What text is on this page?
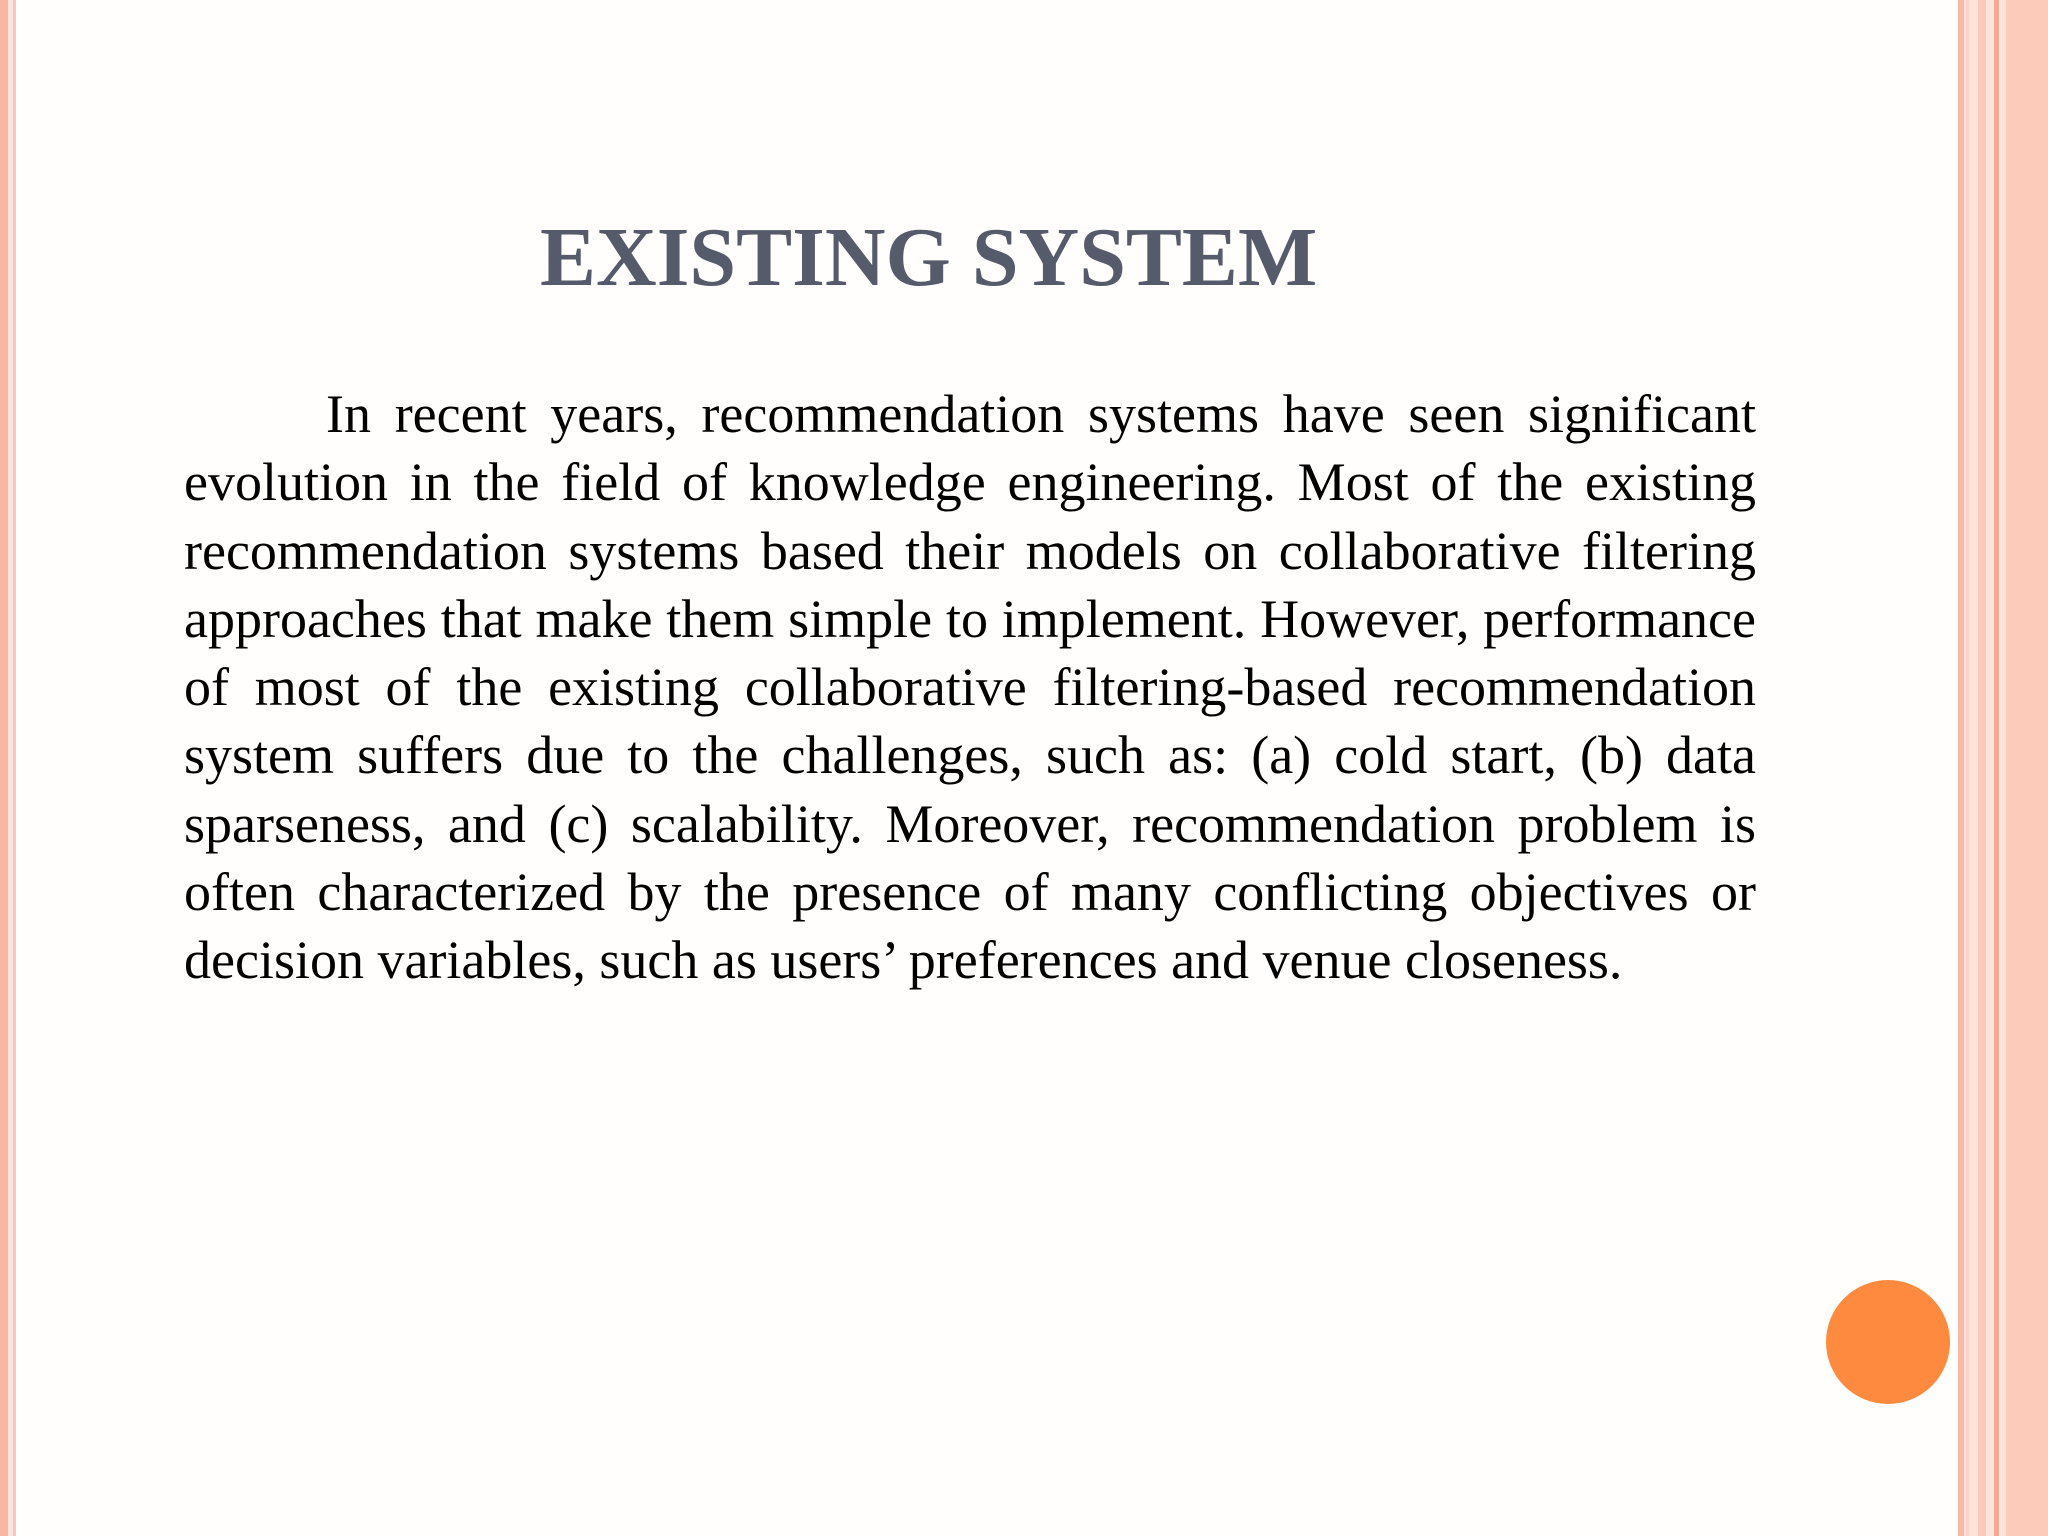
EXISTING SYSTEM

In recent years, recommendation systems have seen significant evolution in the field of knowledge engineering. Most of the existing recommendation systems based their models on collaborative filtering approaches that make them simple to implement. However, performance of most of the existing collaborative filtering-based recommendation system suffers due to the challenges, such as: (a) cold start, (b) data sparseness, and (c) scalability. Moreover, recommendation problem is often characterized by the presence of many conflicting objectives or decision variables, such as users’ preferences and venue closeness.
